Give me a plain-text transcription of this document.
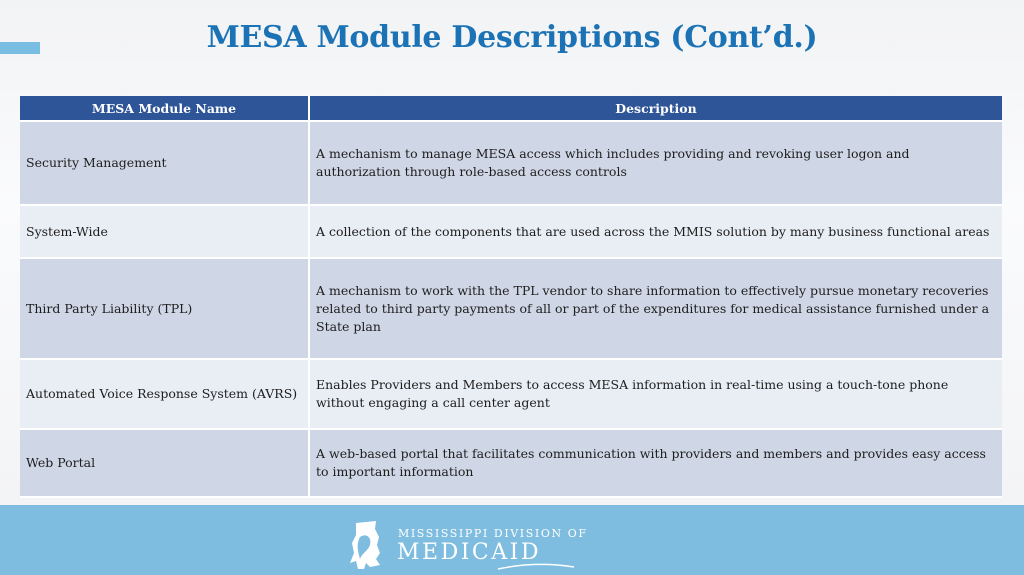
MESA Module Descriptions (Cont’d.)
MESA Module Name	Description
Security Management	A mechanism to manage MESA access which includes providing and revoking user logon and authorization through role-based access controls
System-Wide	A collection of the components that are used across the MMIS solution by many business functional areas
Third Party Liability (TPL)	A mechanism to work with the TPL vendor to share information to effectively pursue monetary recoveries related to third party payments of all or part of the expenditures for medical assistance furnished under a State plan
Automated Voice Response System (AVRS)	Enables Providers and Members to access MESA information in real-time using a touch-tone phone without engaging a call center agent
Web Portal	A web-based portal that facilitates communication with providers and members and provides easy access to important information
MISSISSIPPI DIVISION OF
MEDICAID
